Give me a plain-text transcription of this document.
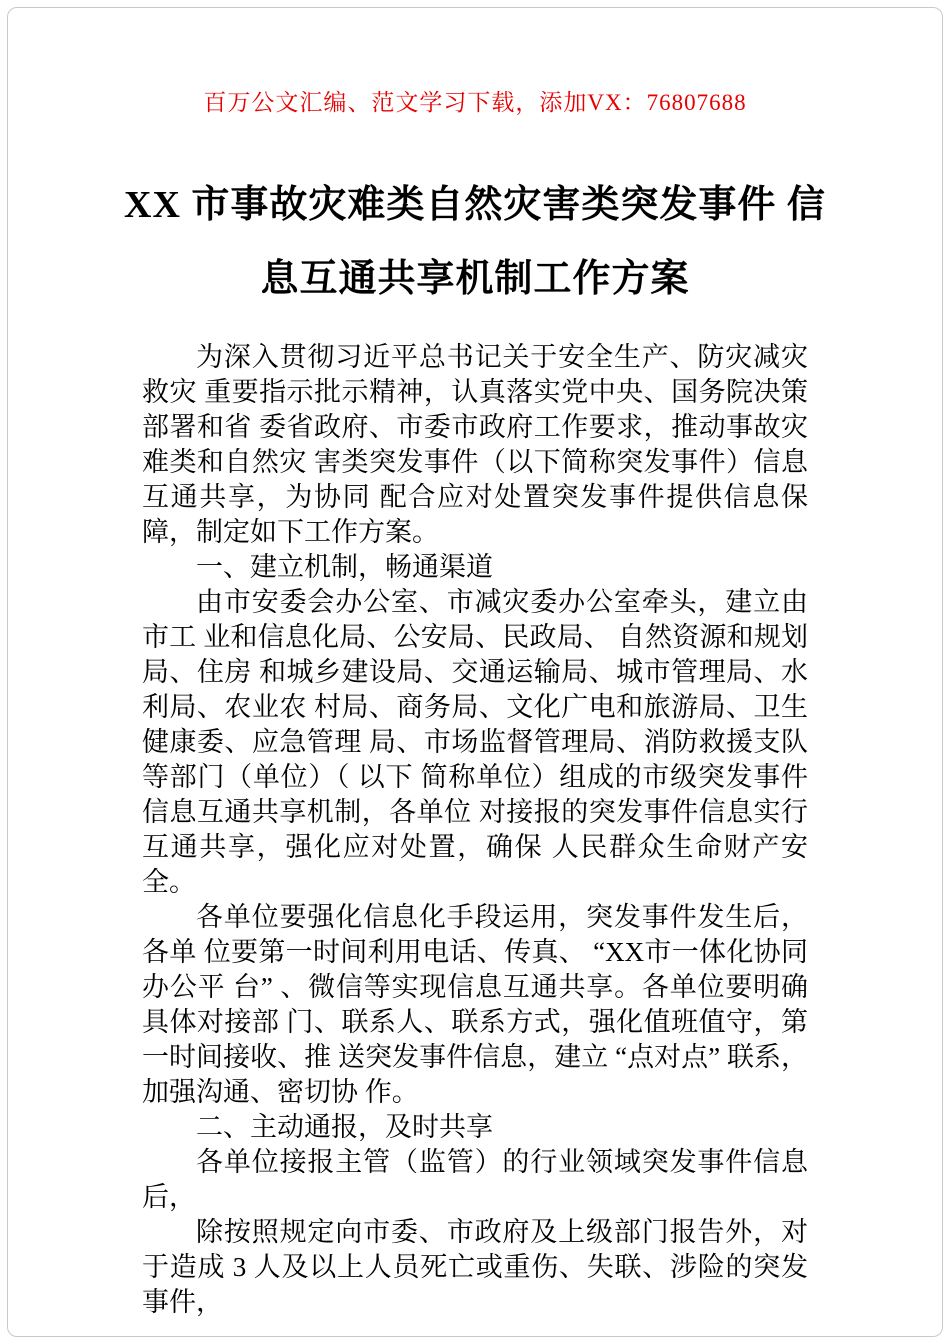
百万公文汇编、范文学习下载，添加VX：76807688
XX 市事故灾难类自然灾害类突发事件 信
息互通共享机制工作方案

为深入贯彻习近平总书记关于安全生产、防灾减灾救灾 重要指示批示精神，认真落实党中央、国务院决策部署和省 委省政府、市委市政府工作要求，推动事故灾难类和自然灾 害类突发事件（以下简称突发事件）信息互通共享，为协同 配合应对处置突发事件提供信息保障，制定如下工作方案。

一、建立机制，畅通渠道

由市安委会办公室、市减灾委办公室牵头，建立由市工 业和信息化局、公安局、民政局、 自然资源和规划局、住房 和城乡建设局、交通运输局、城市管理局、水利局、农业农 村局、商务局、文化广电和旅游局、卫生健康委、应急管理 局、市场监督管理局、消防救援支队等部门（单位）（ 以下 简称单位）组成的市级突发事件信息互通共享机制，各单位 对接报的突发事件信息实行互通共享，强化应对处置，确保 人民群众生命财产安全。

各单位要强化信息化手段运用，突发事件发生后，各单 位要第一时间利用电话、传真、 “XX市一体化协同办公平 台” 、微信等实现信息互通共享。各单位要明确具体对接部 门、联系人、联系方式，强化值班值守，第一时间接收、推 送突发事件信息，建立 “点对点” 联系，加强沟通、密切协 作。

二、主动通报，及时共享

各单位接报主管（监管）的行业领域突发事件信息后，

除按照规定向市委、市政府及上级部门报告外，对于造成 3 人及以上人员死亡或重伤、失联、涉险的突发事件，
